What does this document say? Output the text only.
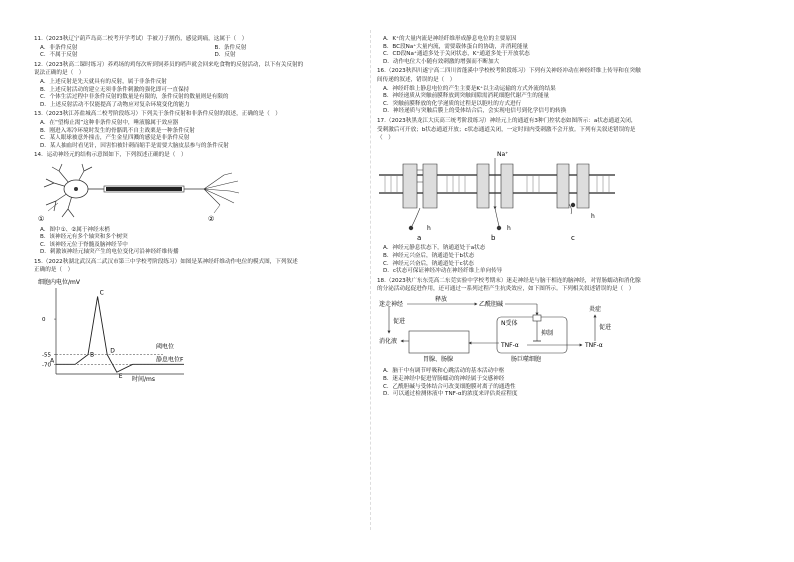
11.（2023秋辽宁葫芦岛高二校考开学考试）手被刀子割伤，感觉到痛，这属于（　）

A．非条件反射	B．条件反射
C．不属于反射	D．反射

12.（2023秋高二课时练习）养鸡场的鸡每次听到饲养员的哨声就会回来吃食物的反射活动，以下有关反射的

说法正确的是（　）

A．上述反射是先天就具有的反射，属于非条件反射

B．上述反射活动的建立无须非条件刺激的强化即可一直保持

C．个体生活过程中非条件反射的数量是有限的，条件反射的数量则是有限的

D．上述反射活动不仅能提高了动物应对复杂环境变化的能力

13.（2023秋江苏盐城高二校考阶段练习）下列关于条件反射和非条件反射的叙述，正确的是（　）

A．在“望梅止渴”这种非条件反射中，唾液腺属于效应器

B．刚进入寒冷环境时发生的骨骼肌不自主战栗是一种条件反射

C．某人眼球被意外撞击，产生金星四溅的感觉是非条件反射

D．某人抽血时看见针，因害怕被针刺而缩手是需要大脑皮层参与的条件反射

14．运动神经元的结构示意图如下，下列叙述正确的是（　）

①	②

A．图中①、②属于神经末梢

B．该神经元有多个轴突和多个树突

C．该神经元位于脊髓及脑神经节中

D．刺激该神经元轴突产生的电位变化可沿神经纤维传播

15.（2022秋湖北武汉高二武汉市第三中学校考阶段练习）如图是某神经纤维动作电位的模式图，下列叙述

正确的是（　）

细胞内电位/mV
0
-55
-70
阈电位
静息电位
A
B
C
D
E
F
时间/ms

A．K⁺的大量内流是神经纤维形成静息电位的主要原因

B．BC段Na⁺大量内流，需要载体蛋白的协助，并消耗能量

C．CD段Na⁺通道多处于关闭状态，K⁺通道多处于开放状态

D．动作电位大小随有效刺激的增强而不断加大

16.（2023秋四川遂宁高二四川省蓬溪中学校校考阶段练习）下列有关神经冲动在神经纤维上传导和在突触

间传递的叙述，错误的是（　）

A．神经纤维上静息电位的产生主要是K⁺以主动运输的方式外流的结果

B．神经递质从突触前膜释放到突触间隙需消耗细胞代谢产生的能量

C．突触前膜释放的化学递质的过程是以胞吐的方式进行

D．神经递质与突触后膜上的受体结合后，会实现电信号到化学信号的转换

17.（2023秋黑龙江大庆高三统考阶段练习）神经元上的通道有3种门控状态如图所示：a状态通道关闭，

受刺激后可开放；b状态通道开放；c状态通道关闭，一定时间内受刺激不会开放。下列有关叙述错误的是

（　）

h
a
Na⁺
h
b
h
c

A．神经元静息状态下，钠通道处于a状态

B．神经元兴奋后，钠通道处于b状态

C．神经元兴奋后，钠通道处于c状态

D．c状态可保证神经冲动在神经纤维上单向传导

18.（2023秋广东东莞高二东莞实验中学校考期末）迷走神经是与脑干相连的脑神经，对胃肠蠕动和消化腺

的分泌活动起促进作用，还可通过一系列过程产生抗炎效应，如下图所示。下列相关叙述错误的是（　）

迷走神经
释放
乙酰胆碱
促进
消化液
胃腺、肠腺
N受体
抑制
TNF-α	TNF-α
肠巨噬细胞
炎症
促进

A．脑干中有调节呼吸和心跳活动的基本活动中枢

B．迷走神经中促进胃肠蠕动的神经属于交感神经

C．乙酰胆碱与受体结合可改变细胞膜对离子的通透性

D．可以通过检测体液中 TNF-α的浓度来评估炎症程度
